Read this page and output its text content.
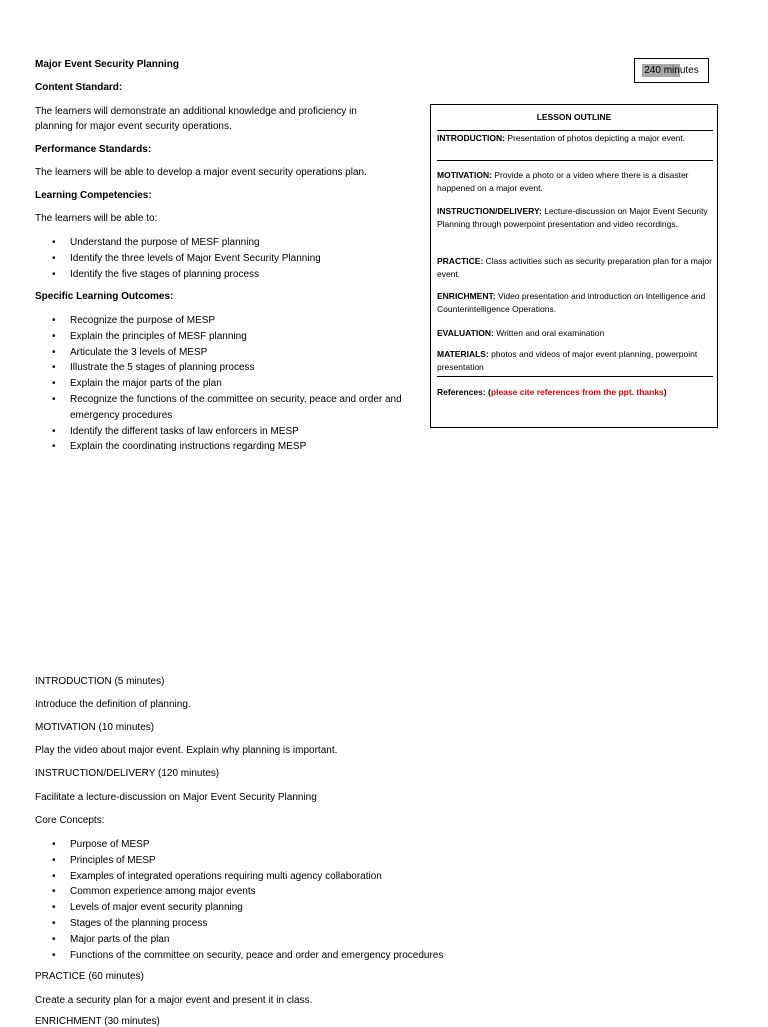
Major Event Security Planning
240 min utes
Content Standard:
The learners will demonstrate an additional knowledge and proficiency in
planning for major event security operations.
Performance Standards:
The learners will be able to develop a major event security operations plan.
Learning Competencies:
The learners will be able to:
• Understand the purpose of MESF planning
• Identify the three levels of Major Event Security Planning
• Identify the five stages of planning process
Specific Learning Outcomes:
• Recognize the purpose of MESP
• Explain the principles of MESF planning
• Articulate the 3 levels of MESP
• Illustrate the 5 stages of planning process
• Explain the major parts of the plan
• Recognize the functions of the committee on security, peace and order and emergency procedures
• Identify the different tasks of law enforcers in MESP
• Explain the coordinating instructions regarding MESP
LESSON OUTLINE
INTRODUCTION: Presentation of photos depicting a major event.
MOTIVATION: Provide a photo or a video where there is a disaster happened on a major event.
INSTRUCTION/DELIVERY: Lecture-discussion on Major Event Security Planning through powerpoint presentation and video recordings.
PRACTICE: Class activities such as security preparation plan for a major event.
ENRICHMENT: Video presentation and introduction on Intelligence and Counterintelligence Operations.
EVALUATION: Written and oral examination
MATERIALS: photos and videos of major event planning, powerpoint presentation
References: (please cite references from the ppt. thanks)
INTRODUCTION (5 minutes)
Introduce the definition of planning.
MOTIVATION (10 minutes)
Play the video about major event. Explain why planning is important.
INSTRUCTION/DELIVERY (120 minutes)
Facilitate a lecture-discussion on Major Event Security Planning
Core Concepts:
• Purpose of MESP
• Principles of MESP
• Examples of integrated operations requiring multi agency collaboration
• Common experience among major events
• Levels of major event security planning
• Stages of the planning process
• Major parts of the plan
• Functions of the committee on security, peace and order and emergency procedures
PRACTICE (60 minutes)
Create a security plan for a major event and present it in class.
ENRICHMENT (30 minutes)
